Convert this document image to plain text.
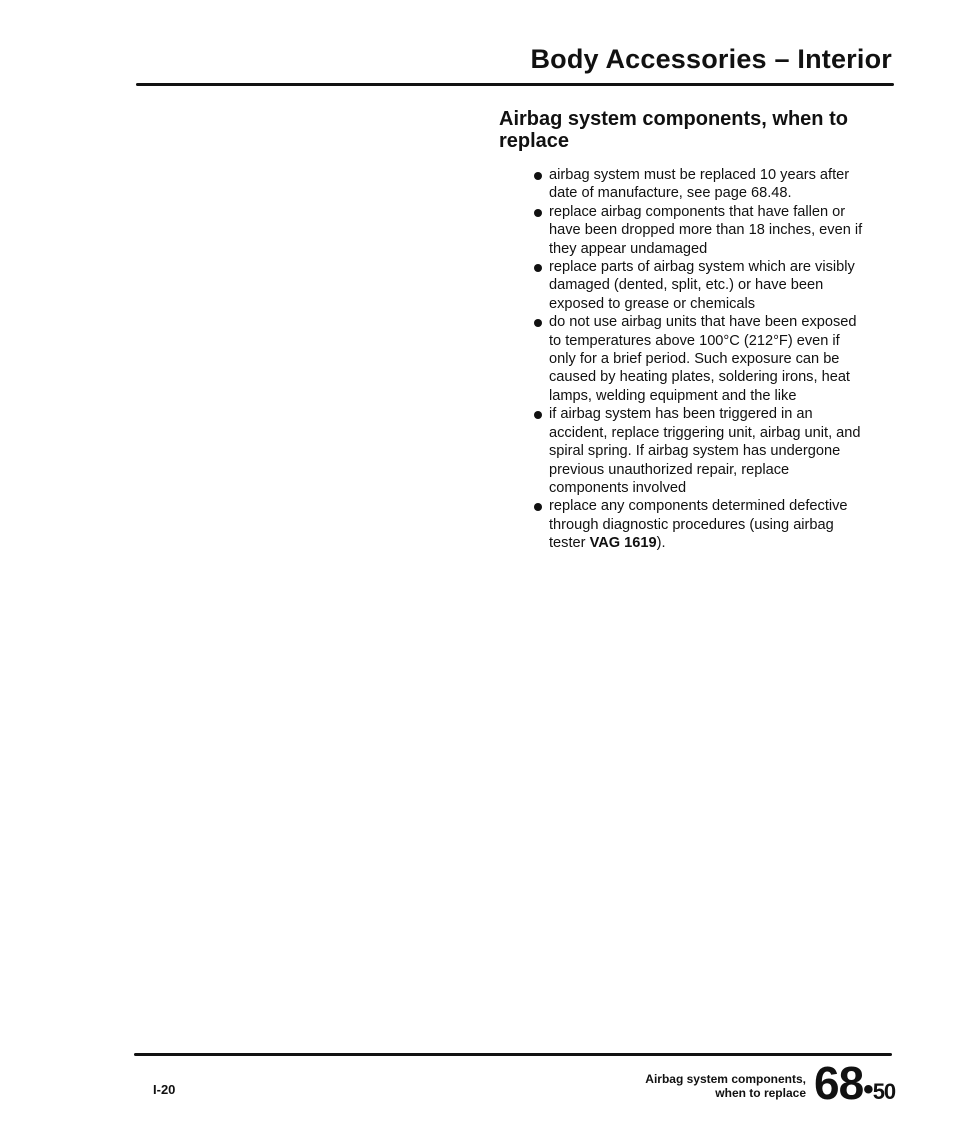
Body Accessories – Interior
Airbag system components, when to replace
airbag system must be replaced 10 years after date of manufacture, see page 68.48.
replace airbag components that have fallen or have been dropped more than 18 inches, even if they appear undamaged
replace parts of airbag system which are visibly damaged (dented, split, etc.) or have been exposed to grease or chemicals
do not use airbag units that have been exposed to temperatures above 100°C (212°F) even if only for a brief period. Such exposure can be caused by heating plates, soldering irons, heat lamps, welding equipment and the like
if airbag system has been triggered in an accident, replace triggering unit, airbag unit, and spiral spring. If airbag system has undergone previous unauthorized repair, replace components involved
replace any components determined defective through diagnostic procedures (using airbag tester VAG 1619).
I-20
Airbag system components,
when to replace 68•50
